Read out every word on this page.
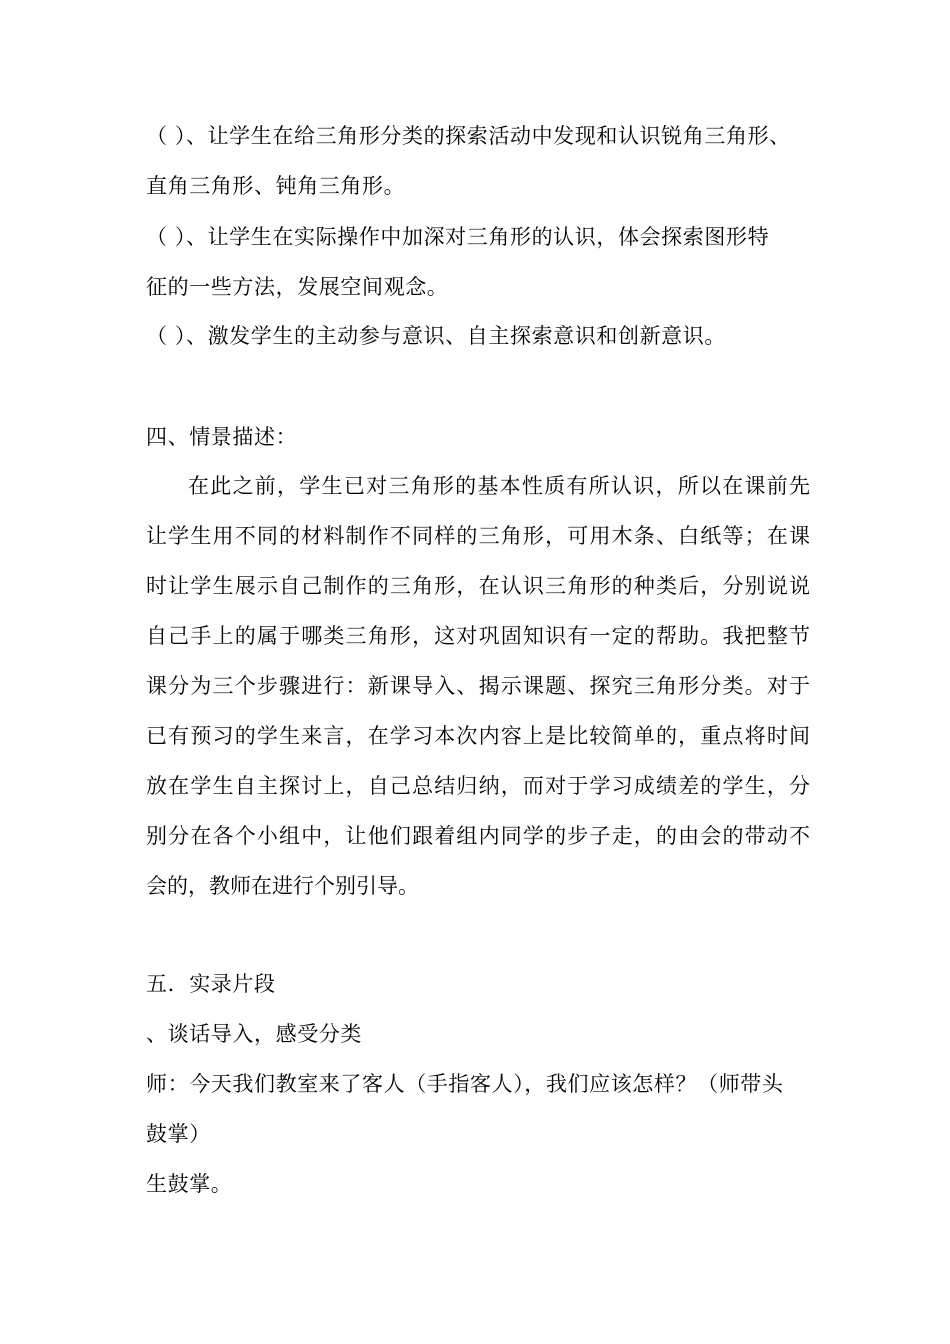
（ ）、让学生在给三角形分类的探索活动中发现和认识锐角三角形、
直角三角形、钝角三角形。
（ ）、让学生在实际操作中加深对三角形的认识，体会探索图形特
征的一些方法，发展空间观念。
（ ）、激发学生的主动参与意识、自主探索意识和创新意识。
四、情景描述：
在此之前，学生已对三角形的基本性质有所认识，所以在课前先
让学生用不同的材料制作不同样的三角形，可用木条、白纸等；在课
时让学生展示自己制作的三角形，在认识三角形的种类后，分别说说
自己手上的属于哪类三角形，这对巩固知识有一定的帮助。我把整节
课分为三个步骤进行：新课导入、揭示课题、探究三角形分类。对于
已有预习的学生来言，在学习本次内容上是比较简单的，重点将时间
放在学生自主探讨上，自己总结归纳，而对于学习成绩差的学生，分
别分在各个小组中，让他们跟着组内同学的步子走，的由会的带动不
会的，教师在进行个别引导。
五．实录片段
、谈话导入，感受分类
师：今天我们教室来了客人（手指客人），我们应该怎样？（师带头
鼓掌）
生鼓掌。
